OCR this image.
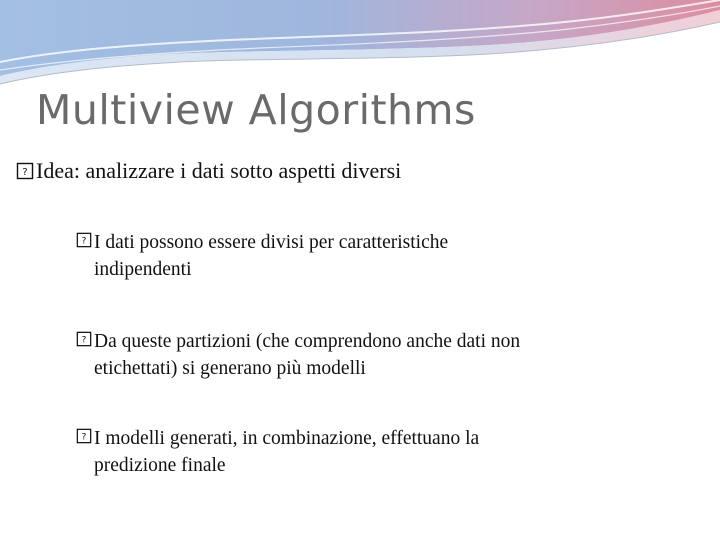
Multiview Algorithms
? Idea: analizzare i dati sotto aspetti diversi
? I dati possono essere divisi per caratteristiche
indipendenti
? Da queste partizioni (che comprendono anche dati non
etichettati) si generano più modelli
? I modelli generati, in combinazione, effettuano la
predizione finale
